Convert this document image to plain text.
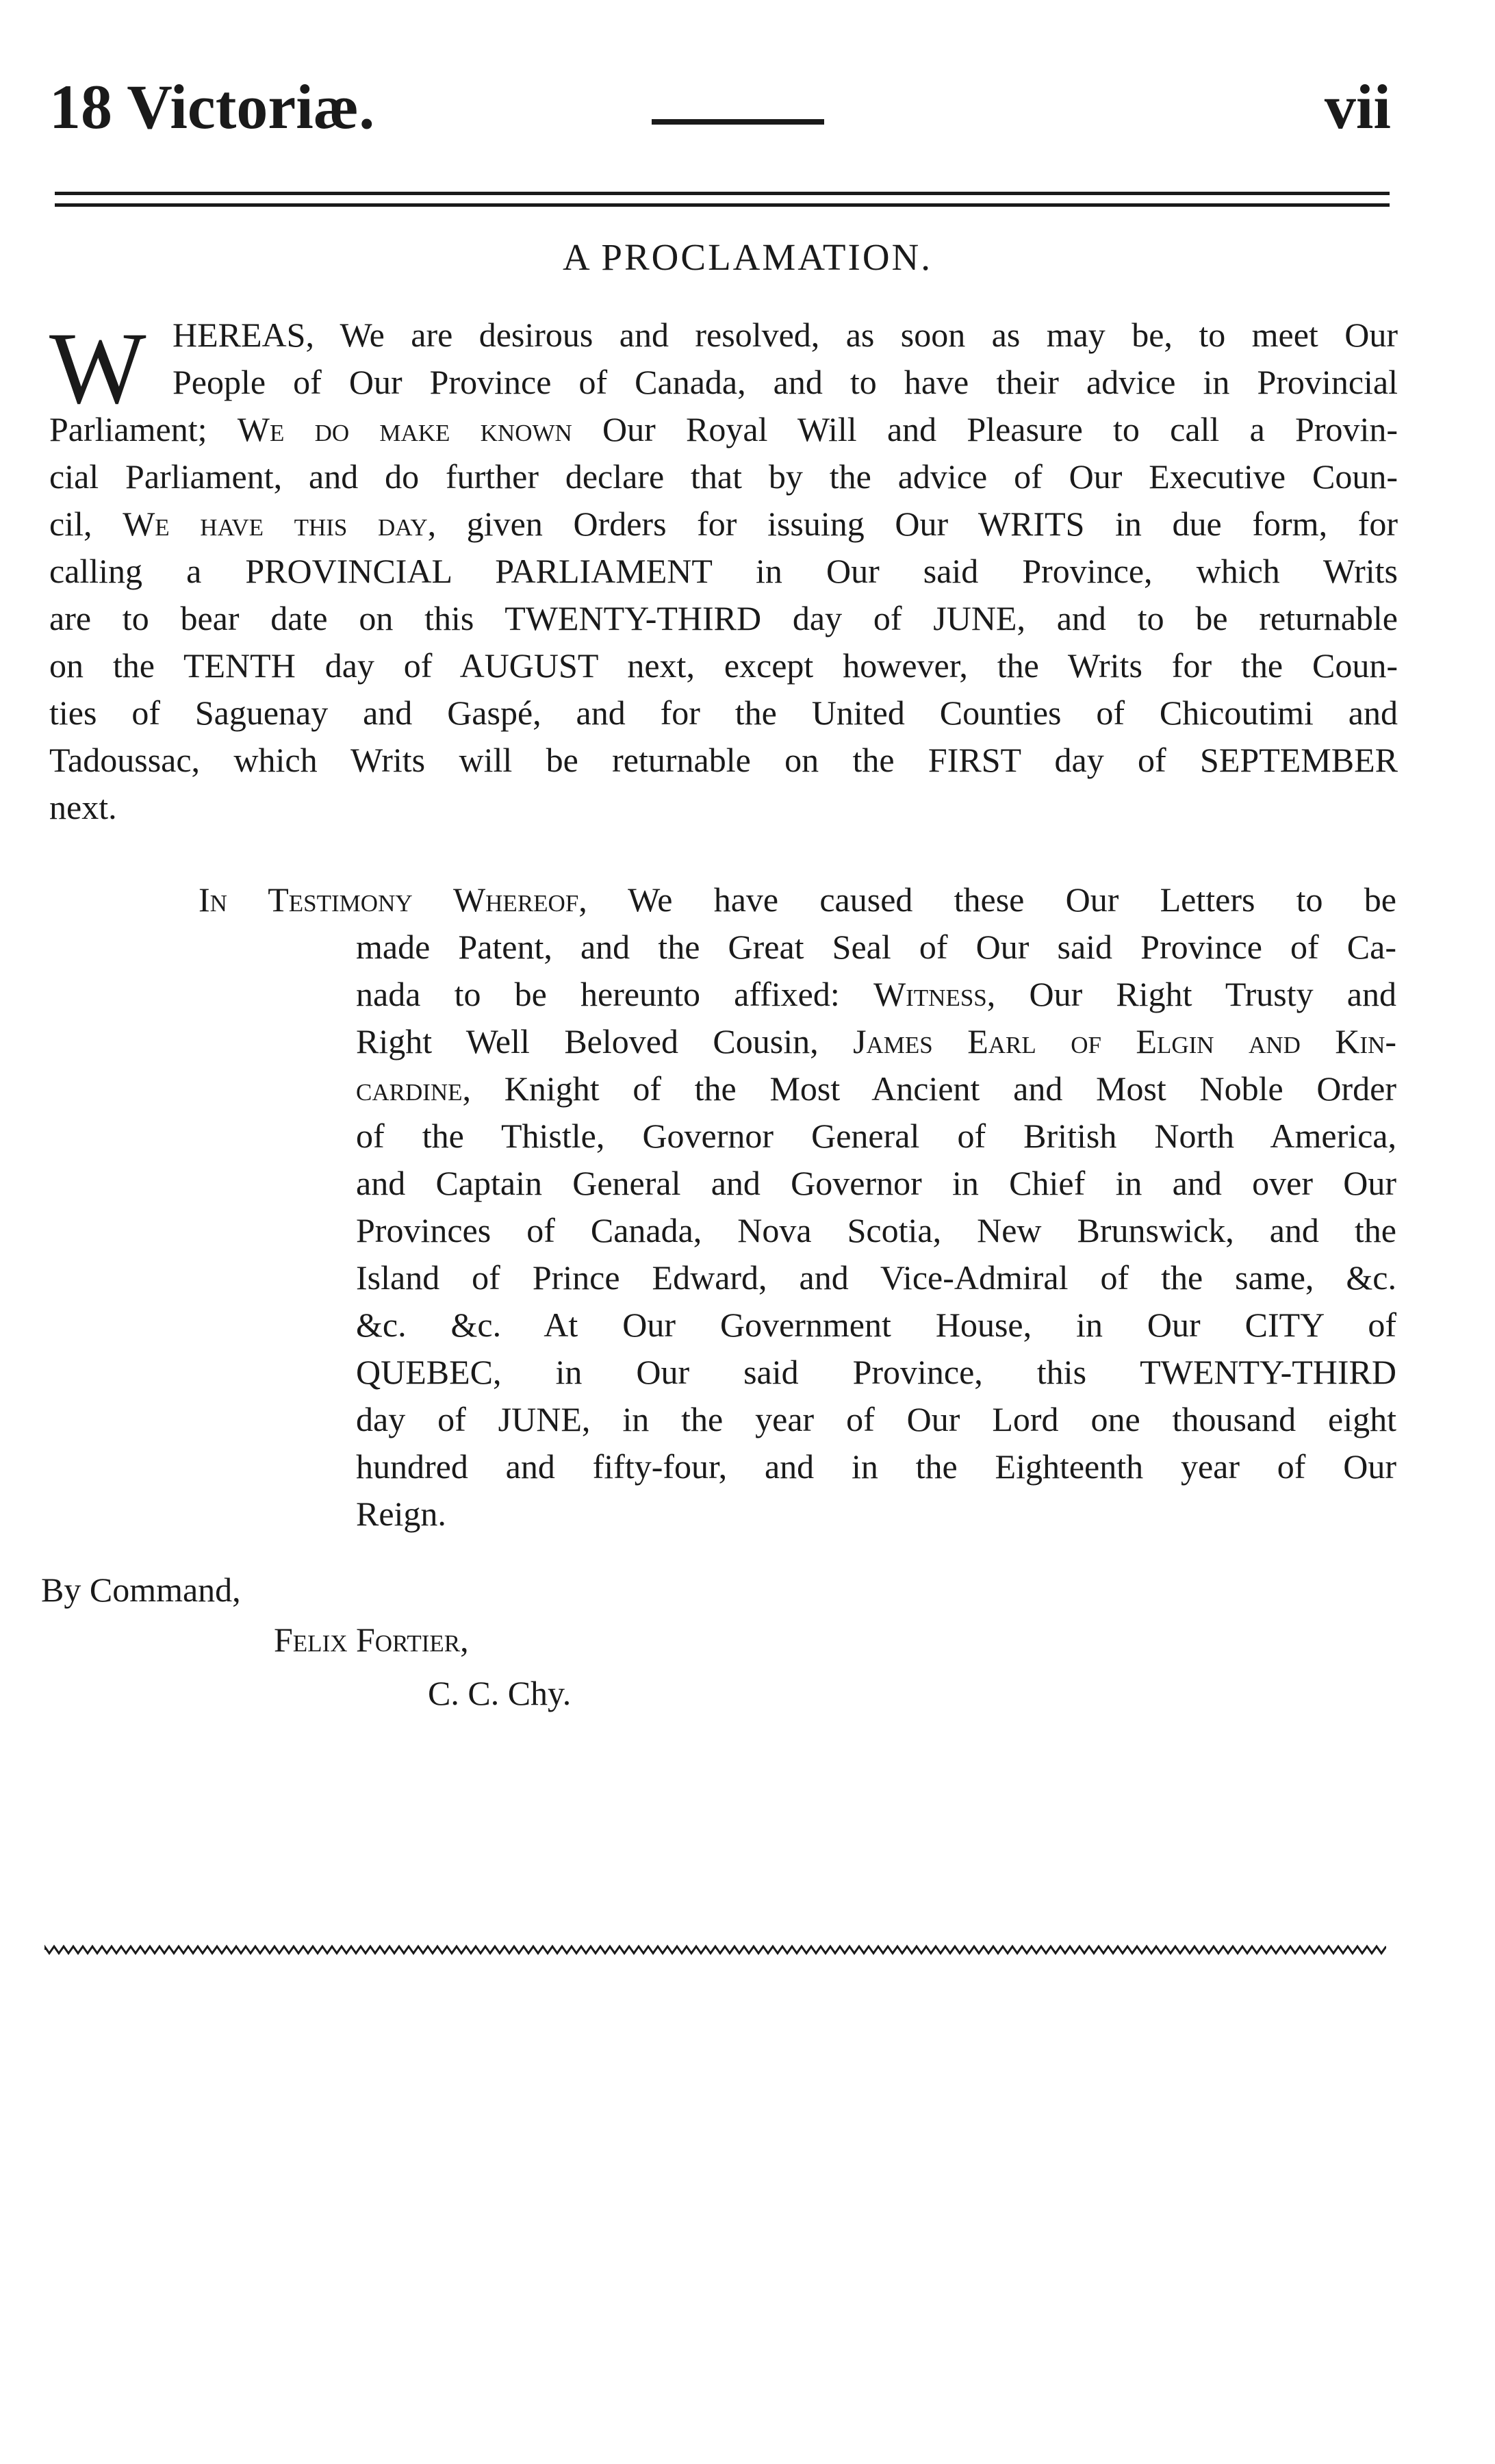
18 Victoriæ.	vii
A PROCLAMATION.
W HEREAS, We are desirous and resolved, as soon as may be, to meet Our
People of Our Province of Canada, and to have their advice in Provincial
Parliament; We do make known Our Royal Will and Pleasure to call a Provin-
cial Parliament, and do further declare that by the advice of Our Executive Coun-
cil, We have this day, given Orders for issuing Our WRITS in due form, for
calling a PROVINCIAL PARLIAMENT in Our said Province, which Writs
are to bear date on this TWENTY-THIRD day of JUNE, and to be returnable
on the TENTH day of AUGUST next, except however, the Writs for the Coun-
ties of Saguenay and Gaspé, and for the United Counties of Chicoutimi and
Tadoussac, which Writs will be returnable on the FIRST day of SEPTEMBER
next.
In Testimony Whereof, We have caused these Our Letters to be
made Patent, and the Great Seal of Our said Province of Ca-
nada to be hereunto affixed: Witness, Our Right Trusty and
Right Well Beloved Cousin, James Earl of Elgin and Kin-
cardine, Knight of the Most Ancient and Most Noble Order
of the Thistle, Governor General of British North America,
and Captain General and Governor in Chief in and over Our
Provinces of Canada, Nova Scotia, New Brunswick, and the
Island of Prince Edward, and Vice-Admiral of the same, &c.
&c. &c. At Our Government House, in Our CITY of
QUEBEC, in Our said Province, this TWENTY-THIRD
day of JUNE, in the year of Our Lord one thousand eight
hundred and fifty-four, and in the Eighteenth year of Our
Reign.
By Command,
Felix Fortier,
C. C. Chy.
